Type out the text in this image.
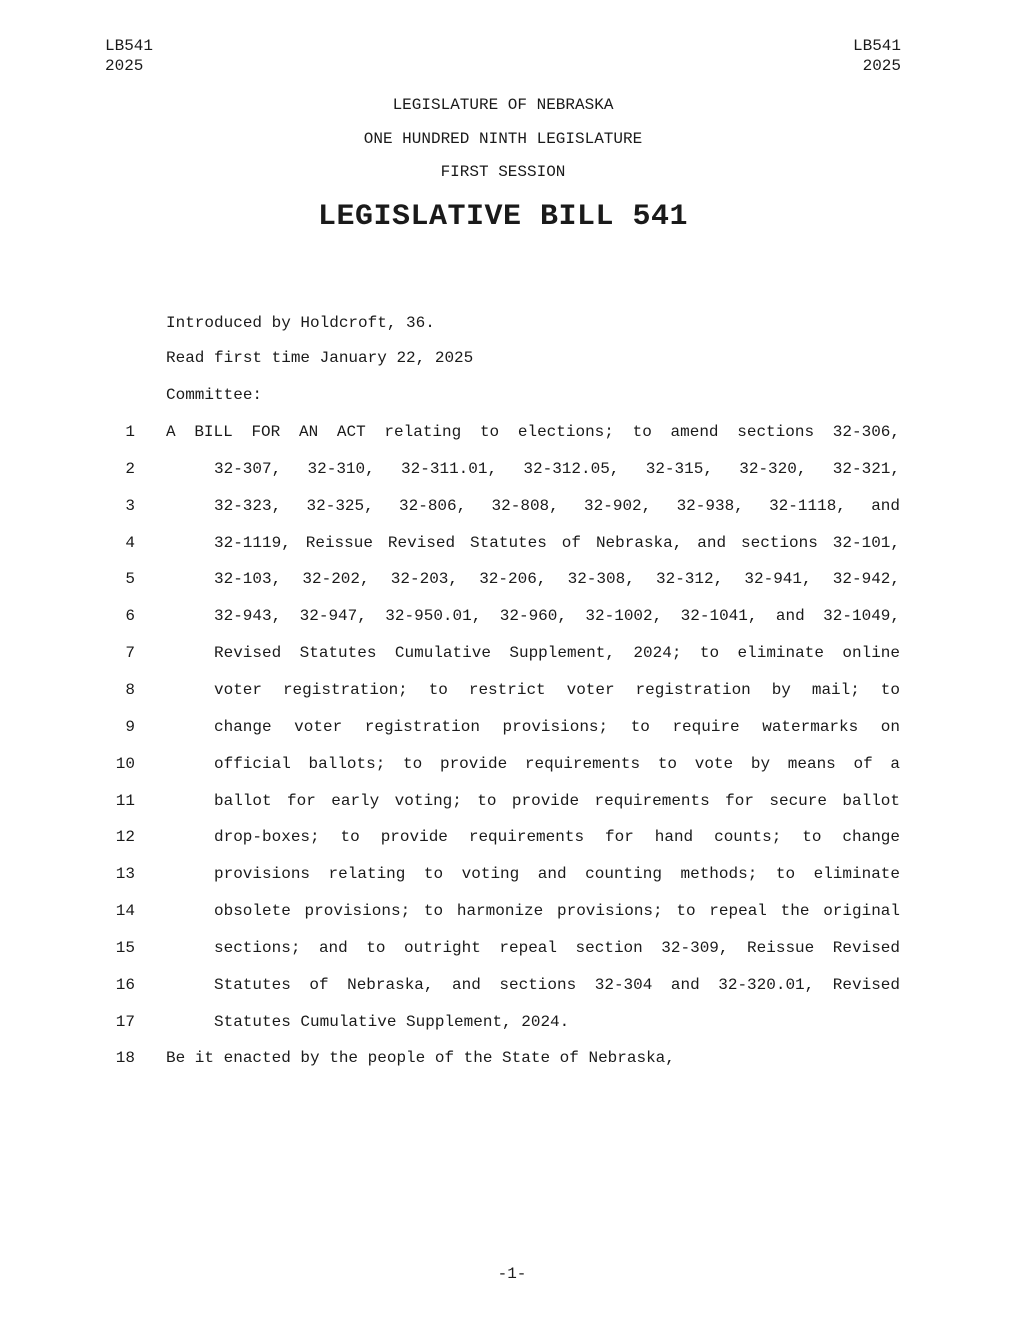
LB541
2025
LB541
2025
LEGISLATURE OF NEBRASKA
ONE HUNDRED NINTH LEGISLATURE
FIRST SESSION
LEGISLATIVE BILL 541
Introduced by Holdcroft, 36.
Read first time January 22, 2025
Committee:
1 A BILL FOR AN ACT relating to elections; to amend sections 32-306,
2	32-307, 32-310, 32-311.01, 32-312.05, 32-315, 32-320, 32-321,
3	32-323, 32-325, 32-806, 32-808, 32-902, 32-938, 32-1118, and
4	32-1119, Reissue Revised Statutes of Nebraska, and sections 32-101,
5	32-103, 32-202, 32-203, 32-206, 32-308, 32-312, 32-941, 32-942,
6	32-943, 32-947, 32-950.01, 32-960, 32-1002, 32-1041, and 32-1049,
7	Revised Statutes Cumulative Supplement, 2024; to eliminate online
8	voter registration; to restrict voter registration by mail; to
9	change voter registration provisions; to require watermarks on
10	official ballots; to provide requirements to vote by means of a
11	ballot for early voting; to provide requirements for secure ballot
12	drop-boxes; to provide requirements for hand counts; to change
13	provisions relating to voting and counting methods; to eliminate
14	obsolete provisions; to harmonize provisions; to repeal the original
15	sections; and to outright repeal section 32-309, Reissue Revised
16	Statutes of Nebraska, and sections 32-304 and 32-320.01, Revised
17	Statutes Cumulative Supplement, 2024.
18 Be it enacted by the people of the State of Nebraska,
-1-
